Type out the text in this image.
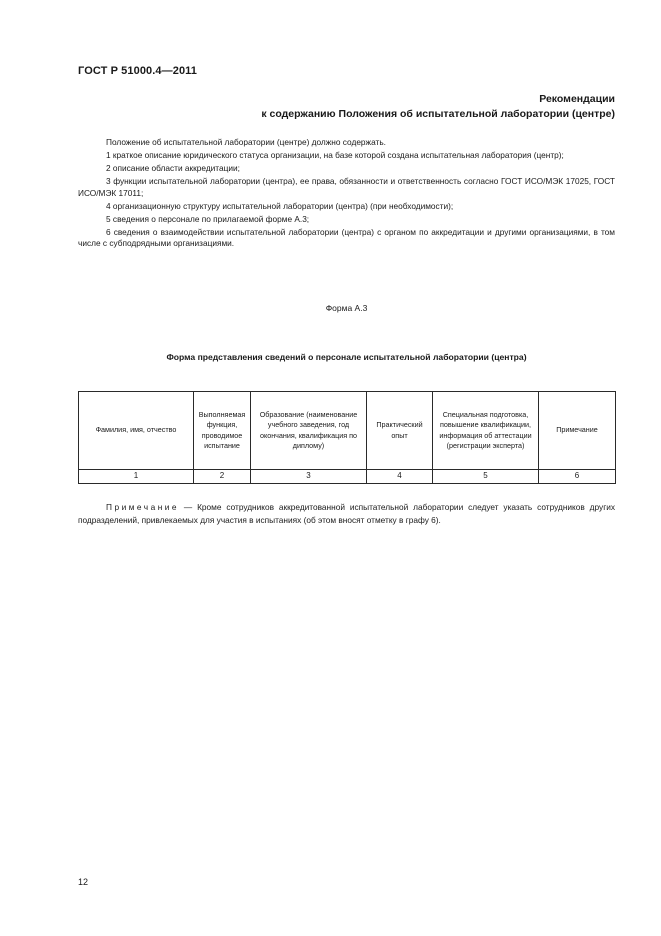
ГОСТ Р 51000.4—2011
Рекомендации
к содержанию Положения об испытательной лаборатории (центре)
Положение об испытательной лаборатории (центре) должно содержать.

1 краткое описание юридического статуса организации, на базе которой создана испытательная лаборатория (центр);

2 описание области аккредитации;

3 функции испытательной лаборатории (центра), ее права, обязанности и ответственность согласно ГОСТ ИСО/МЭК 17025, ГОСТ ИСО/МЭК 17011;

4 организационную структуру испытательной лаборатории (центра) (при необходимости);

5 сведения о персонале по прилагаемой форме А.3;

6 сведения о взаимодействии испытательной лаборатории (центра) с органом по аккредитации и другими организациями, в том числе с субподрядными организациями.

Форма А.3
Форма представления сведений о персонале испытательной лаборатории (центра)
Фамилия, имя, отчество	Выполняемая функция, проводимое испытание	Образование (наименование учебного заведения, год окончания, квалификация по диплому)	Практический опыт	Специальная подготовка, повышение квалификации, информация об аттестации (регистрации эксперта)	Примечание
1	2	3	4	5	6
Примечание — Кроме сотрудников аккредитованной испытательной лаборатории следует указать сотрудников других подразделений, привлекаемых для участия в испытаниях (об этом вносят отметку в графу 6).
12
